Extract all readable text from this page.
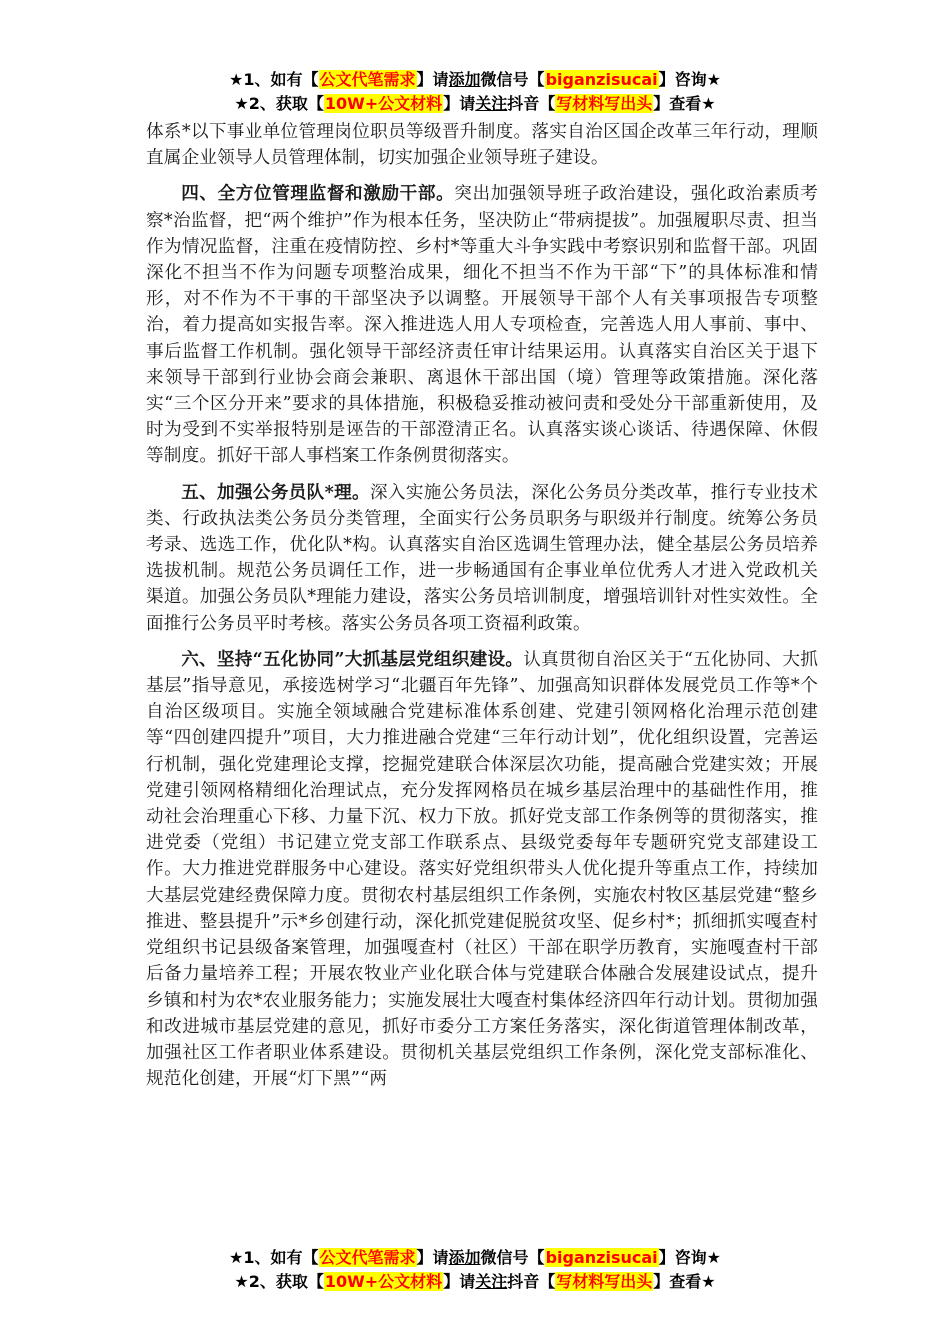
★1、如有【公文代笔需求】请添加微信号【biganzisucai】咨询★
★2、获取【10W+公文材料】请关注抖音【写材料写出头】查看★

体系*以下事业单位管理岗位职员等级晋升制度。落实自治区国企改革三年行动，理顺直属企业领导人员管理体制，切实加强企业领导班子建设。

四、全方位管理监督和激励干部。突出加强领导班子政治建设，强化政治素质考察*治监督，把“两个维护”作为根本任务，坚决防止“带病提拔”。加强履职尽责、担当作为情况监督，注重在疫情防控、乡村*等重大斗争实践中考察识别和监督干部。巩固深化不担当不作为问题专项整治成果，细化不担当不作为干部“下”的具体标准和情形，对不作为不干事的干部坚决予以调整。开展领导干部个人有关事项报告专项整治，着力提高如实报告率。深入推进选人用人专项检查，完善选人用人事前、事中、事后监督工作机制。强化领导干部经济责任审计结果运用。认真落实自治区关于退下来领导干部到行业协会商会兼职、离退休干部出国（境）管理等政策措施。深化落实“三个区分开来”要求的具体措施，积极稳妥推动被问责和受处分干部重新使用，及时为受到不实举报特别是诬告的干部澄清正名。认真落实谈心谈话、待遇保障、休假等制度。抓好干部人事档案工作条例贯彻落实。

五、加强公务员队*理。深入实施公务员法，深化公务员分类改革，推行专业技术类、行政执法类公务员分类管理，全面实行公务员职务与职级并行制度。统筹公务员考录、选选工作，优化队*构。认真落实自治区选调生管理办法，健全基层公务员培养选拔机制。规范公务员调任工作，进一步畅通国有企事业单位优秀人才进入党政机关渠道。加强公务员队*理能力建设，落实公务员培训制度，增强培训针对性实效性。全面推行公务员平时考核。落实公务员各项工资福利政策。

六、坚持“五化协同”大抓基层党组织建设。认真贯彻自治区关于“五化协同、大抓基层”指导意见，承接选树学习“北疆百年先锋”、加强高知识群体发展党员工作等*个自治区级项目。实施全领域融合党建标准体系创建、党建引领网格化治理示范创建等“四创建四提升”项目，大力推进融合党建“三年行动计划”，优化组织设置，完善运行机制，强化党建理论支撑，挖掘党建联合体深层次功能，提高融合党建实效；开展党建引领网格精细化治理试点，充分发挥网格员在城乡基层治理中的基础性作用，推动社会治理重心下移、力量下沉、权力下放。抓好党支部工作条例等的贯彻落实，推进党委（党组）书记建立党支部工作联系点、县级党委每年专题研究党支部建设工作。大力推进党群服务中心建设。落实好党组织带头人优化提升等重点工作，持续加大基层党建经费保障力度。贯彻农村基层组织工作条例，实施农村牧区基层党建“整乡推进、整县提升”示*乡创建行动，深化抓党建促脱贫攻坚、促乡村*；抓细抓实嘎查村党组织书记县级备案管理，加强嘎查村（社区）干部在职学历教育，实施嘎查村干部后备力量培养工程；开展农牧业产业化联合体与党建联合体融合发展建设试点，提升乡镇和村为农*农业服务能力；实施发展壮大嘎查村集体经济四年行动计划。贯彻加强和改进城市基层党建的意见，抓好市委分工方案任务落实，深化街道管理体制改革，加强社区工作者职业体系建设。贯彻机关基层党组织工作条例，深化党支部标准化、规范化创建，开展“灯下黑”“两

★1、如有【公文代笔需求】请添加微信号【biganzisucai】咨询★
★2、获取【10W+公文材料】请关注抖音【写材料写出头】查看★
